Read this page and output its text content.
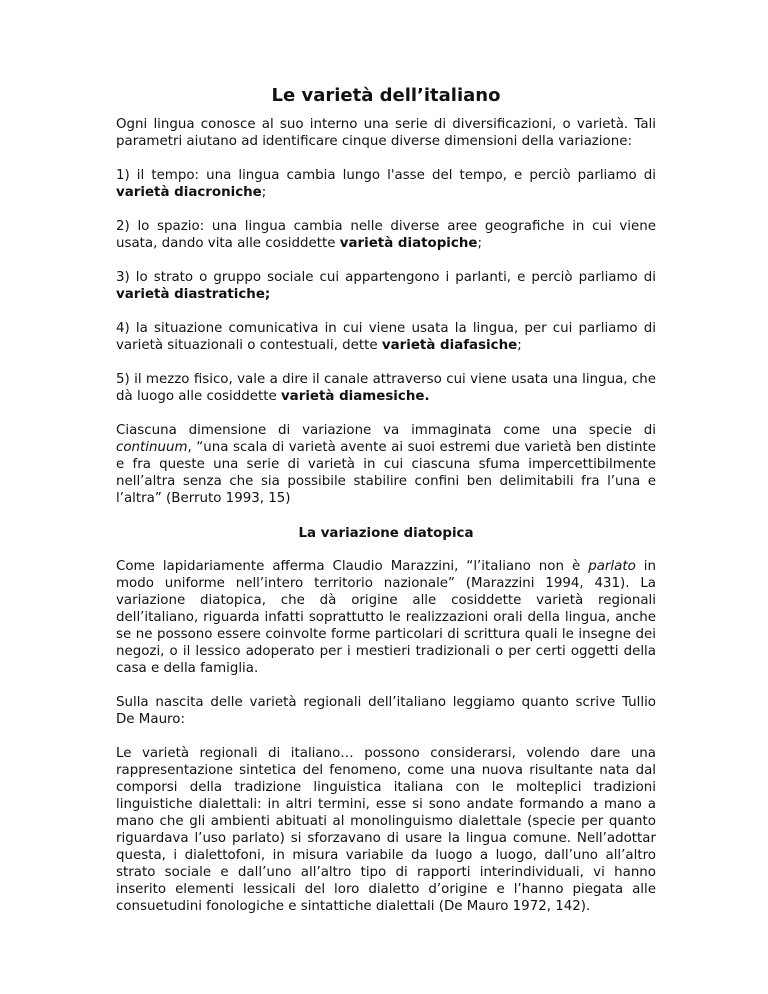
Le varietà dell’italiano

Ogni lingua conosce al suo interno una serie di diversificazioni, o varietà. Tali parametri aiutano ad identificare cinque diverse dimensioni della variazione:

1) il tempo: una lingua cambia lungo l'asse del tempo, e perciò parliamo di varietà diacroniche;

2) lo spazio: una lingua cambia nelle diverse aree geografiche in cui viene usata, dando vita alle cosiddette varietà diatopiche;

3) lo strato o gruppo sociale cui appartengono i parlanti, e perciò parliamo di varietà diastratiche;

4) la situazione comunicativa in cui viene usata la lingua, per cui parliamo di varietà situazionali o contestuali, dette varietà diafasiche;

5) il mezzo fisico, vale a dire il canale attraverso cui viene usata una lingua, che dà luogo alle cosiddette varietà diamesiche.

Ciascuna dimensione di variazione va immaginata come una specie di continuum, “una scala di varietà avente ai suoi estremi due varietà ben distinte e fra queste una serie di varietà in cui ciascuna sfuma impercettibilmente nell’altra senza che sia possibile stabilire confini ben delimitabili fra l’una e l’altra” (Berruto 1993, 15)

La variazione diatopica

Come lapidariamente afferma Claudio Marazzini, “l’italiano non è parlato in modo uniforme nell’intero territorio nazionale” (Marazzini 1994, 431). La variazione diatopica, che dà origine alle cosiddette varietà regionali dell’italiano, riguarda infatti soprattutto le realizzazioni orali della lingua, anche se ne possono essere coinvolte forme particolari di scrittura quali le insegne dei negozi, o il lessico adoperato per i mestieri tradizionali o per certi oggetti della casa e della famiglia.

Sulla nascita delle varietà regionali dell’italiano leggiamo quanto scrive Tullio De Mauro:

Le varietà regionali di italiano… possono considerarsi, volendo dare una rappresentazione sintetica del fenomeno, come una nuova risultante nata dal comporsi della tradizione linguistica italiana con le molteplici tradizioni linguistiche dialettali: in altri termini, esse si sono andate formando a mano a mano che gli ambienti abituati al monolinguismo dialettale (specie per quanto riguardava l’uso parlato) si sforzavano di usare la lingua comune. Nell’adottar questa, i dialettofoni, in misura variabile da luogo a luogo, dall’uno all’altro strato sociale e dall’uno all’altro tipo di rapporti interindividuali, vi hanno inserito elementi lessicali del loro dialetto d’origine e l’hanno piegata alle consuetudini fonologiche e sintattiche dialettali (De Mauro 1972, 142).
